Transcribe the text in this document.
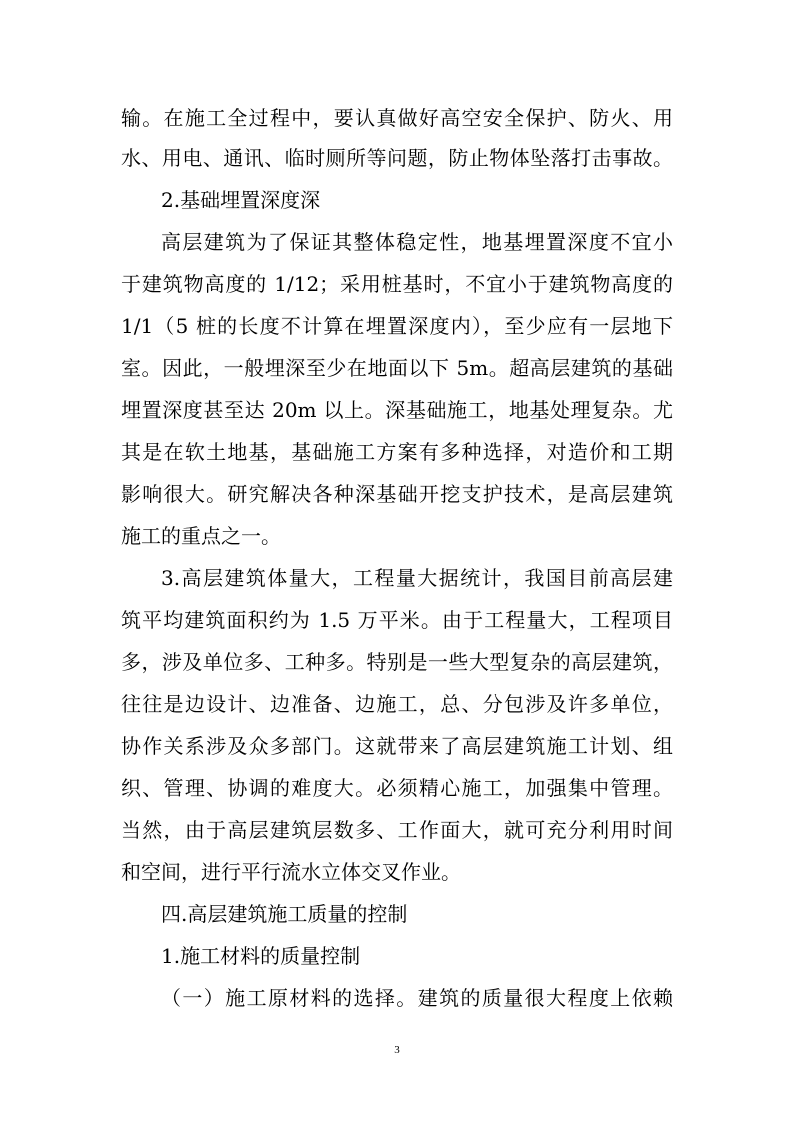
输。在施工全过程中，要认真做好高空安全保护、防火、用
水、用电、通讯、临时厕所等问题，防止物体坠落打击事故。
2.基础埋置深度深
高层建筑为了保证其整体稳定性，地基埋置深度不宜小
于建筑物高度的 1/12；采用桩基时，不宜小于建筑物高度的
1/1（5 桩的长度不计算在埋置深度内），至少应有一层地下
室。因此，一般埋深至少在地面以下 5m。超高层建筑的基础
埋置深度甚至达 20m 以上。深基础施工，地基处理复杂。尤
其是在软土地基，基础施工方案有多种选择，对造价和工期
影响很大。研究解决各种深基础开挖支护技术，是高层建筑
施工的重点之一。
3.高层建筑体量大，工程量大据统计，我国目前高层建
筑平均建筑面积约为 1.5 万平米。由于工程量大，工程项目
多，涉及单位多、工种多。特别是一些大型复杂的高层建筑，
往往是边设计、边准备、边施工，总、分包涉及许多单位，
协作关系涉及众多部门。这就带来了高层建筑施工计划、组
织、管理、协调的难度大。必须精心施工，加强集中管理。
当然，由于高层建筑层数多、工作面大，就可充分利用时间
和空间，进行平行流水立体交叉作业。
四.高层建筑施工质量的控制
1.施工材料的质量控制
（一）施工原材料的选择。建筑的质量很大程度上依赖
3
